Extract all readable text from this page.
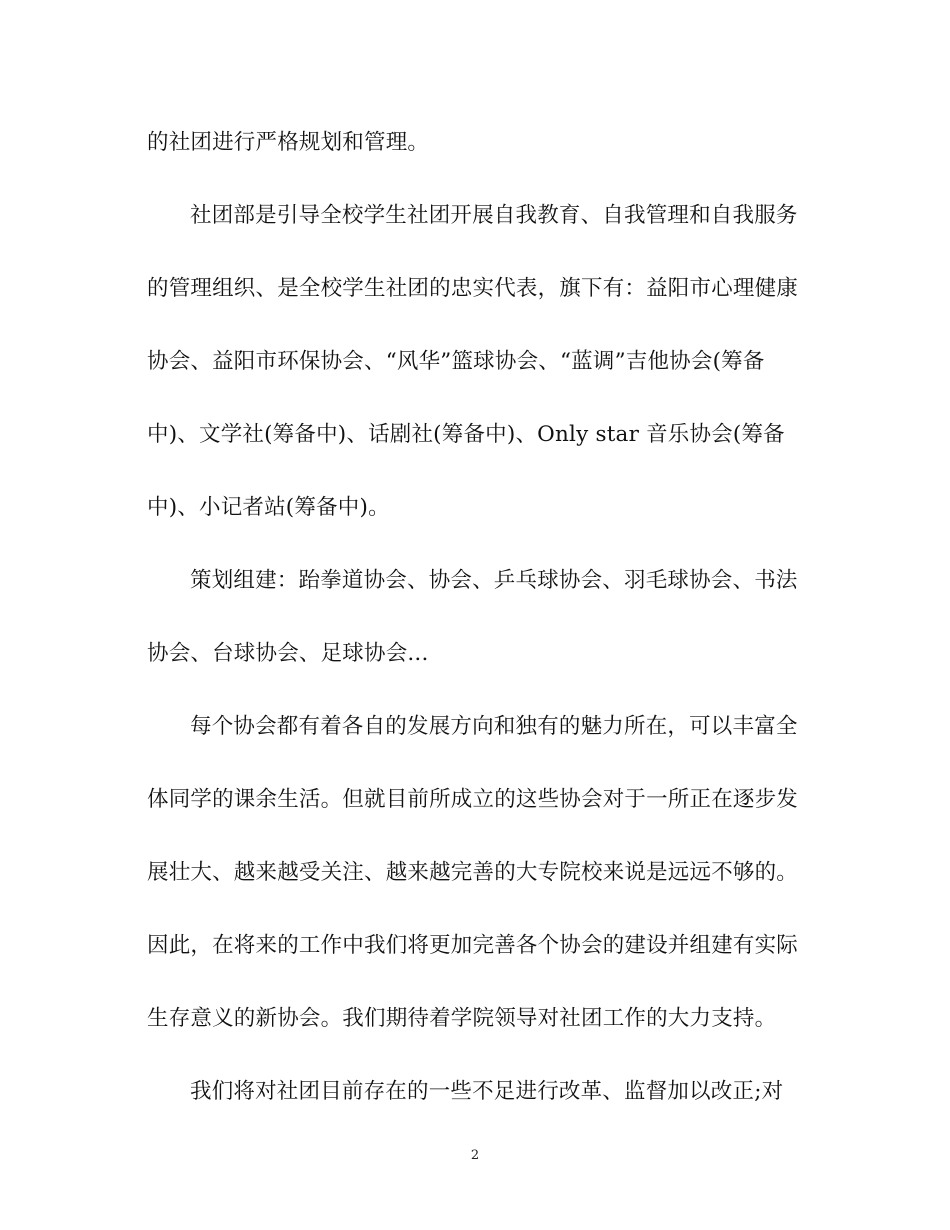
的社团进行严格规划和管理。
社团部是引导全校学生社团开展自我教育、自我管理和自我服务
的管理组织、是全校学生社团的忠实代表，旗下有：益阳市心理健康
协会、益阳市环保协会、“风华”篮球协会、“蓝调”吉他协会(筹备
中)、文学社(筹备中)、话剧社(筹备中)、Only star 音乐协会(筹备
中)、小记者站(筹备中)。
策划组建：跆拳道协会、协会、乒乓球协会、羽毛球协会、书法
协会、台球协会、足球协会...
每个协会都有着各自的发展方向和独有的魅力所在，可以丰富全
体同学的课余生活。但就目前所成立的这些协会对于一所正在逐步发
展壮大、越来越受关注、越来越完善的大专院校来说是远远不够的。
因此，在将来的工作中我们将更加完善各个协会的建设并组建有实际
生存意义的新协会。我们期待着学院领导对社团工作的大力支持。
我们将对社团目前存在的一些不足进行改革、监督加以改正;对
2
